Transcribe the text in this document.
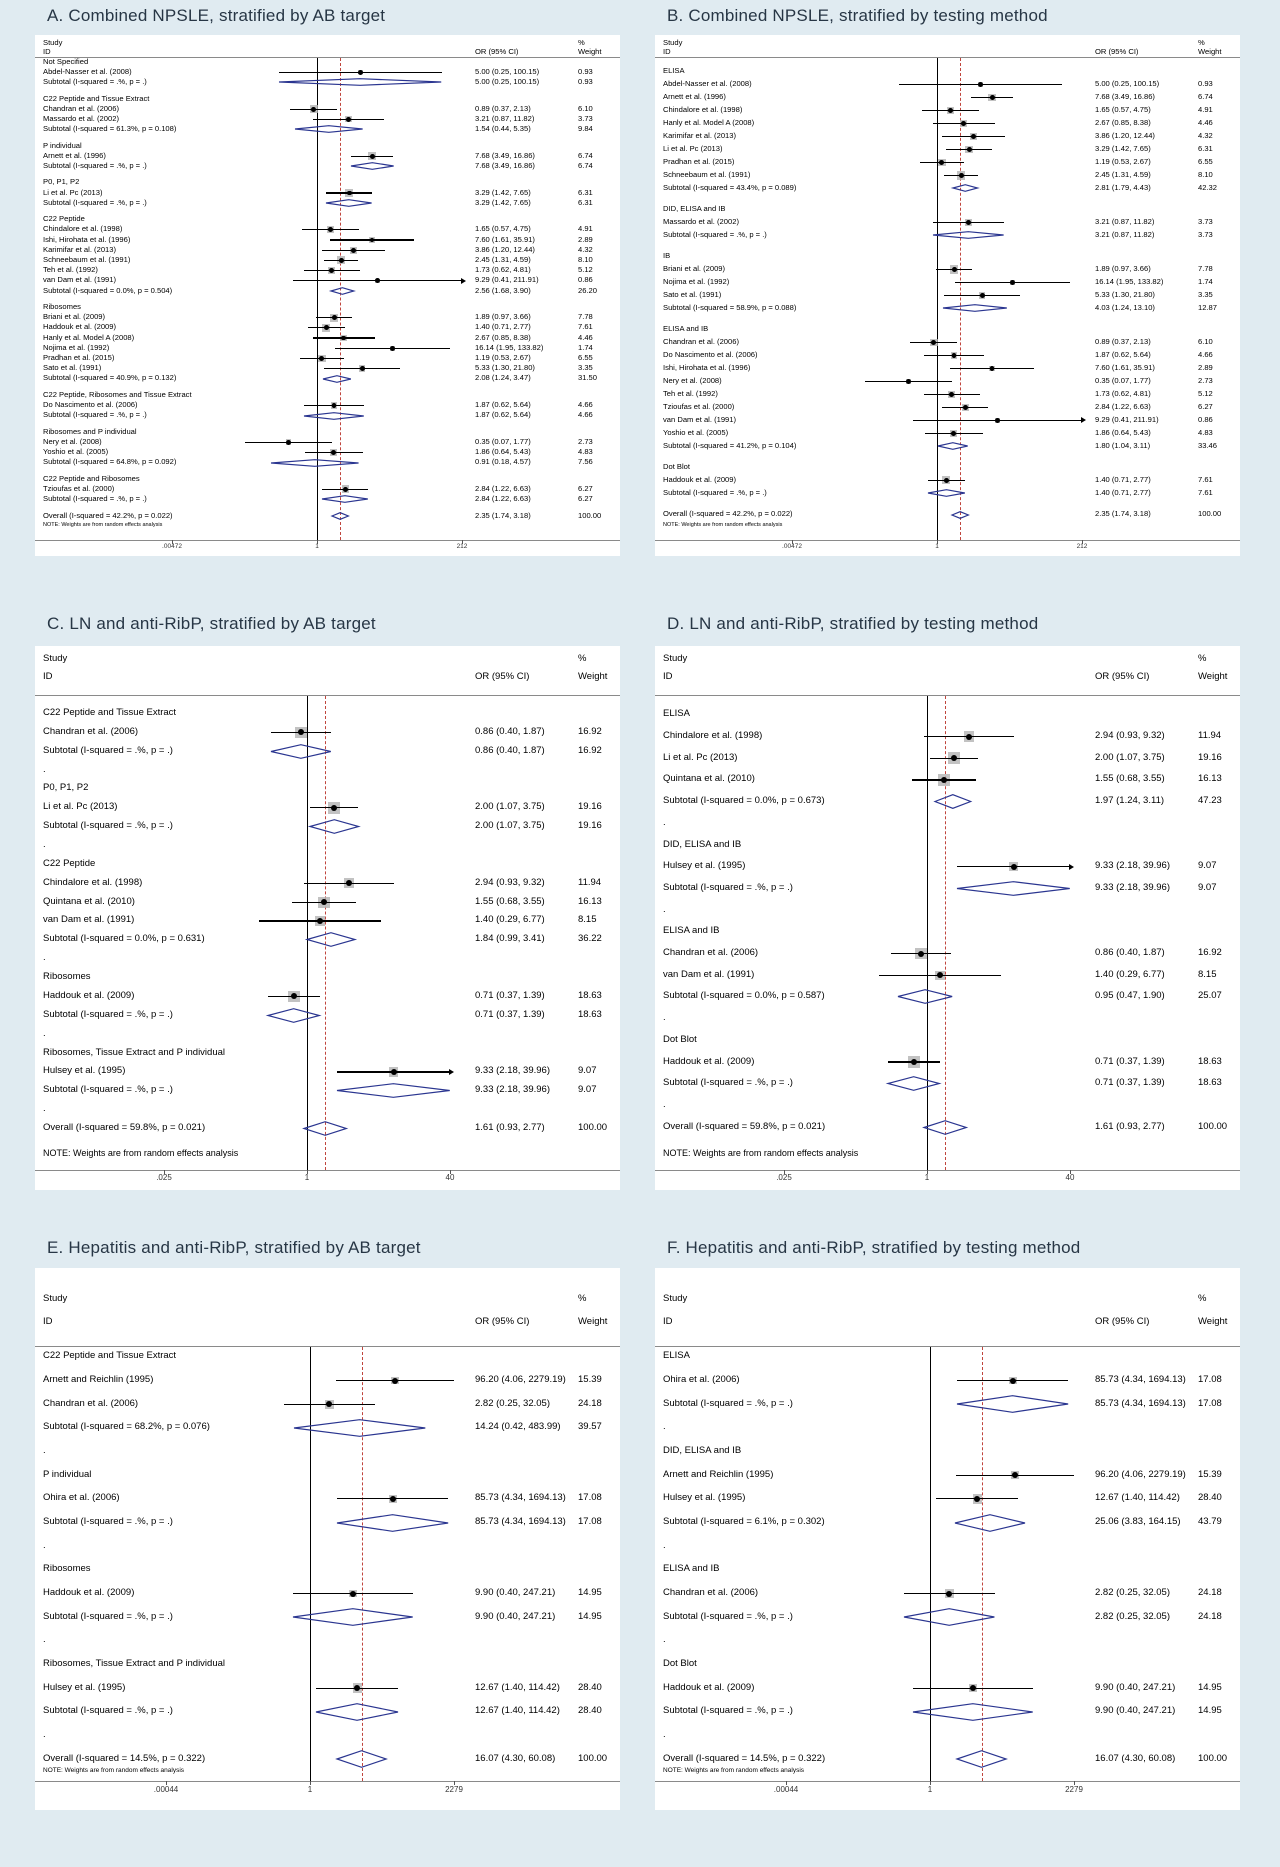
A. Combined NPSLE, stratified by AB target
Study
ID	OR (95% CI)
%
Weight
Not Specified
Abdel-Nasser et al. (2008)	5.00 (0.25, 100.15)	0.93
Subtotal (I-squared = .%, p = .)	5.00 (0.25, 100.15)	0.93
C22 Peptide and Tissue Extract
Chandran et al. (2006)	0.89 (0.37, 2.13)	6.10
Massardo et al. (2002)	3.21 (0.87, 11.82)	3.73
Subtotal (I-squared = 61.3%, p = 0.108)	1.54 (0.44, 5.35)	9.84
P individual
Arnett et al. (1996)	7.68 (3.49, 16.86)	6.74
Subtotal (I-squared = .%, p = .)	7.68 (3.49, 16.86)	6.74
P0, P1, P2
Li et al. Pc (2013)	3.29 (1.42, 7.65)	6.31
Subtotal (I-squared = .%, p = .)	3.29 (1.42, 7.65)	6.31
C22 Peptide
Chindalore et al. (1998)	1.65 (0.57, 4.75)	4.91
Ishi, Hirohata et al. (1996)	7.60 (1.61, 35.91)	2.89
Karimifar et al. (2013)	3.86 (1.20, 12.44)	4.32
Schneebaum et al. (1991)	2.45 (1.31, 4.59)	8.10
Teh et al. (1992)	1.73 (0.62, 4.81)	5.12
van Dam et al. (1991)	9.29 (0.41, 211.91)	0.86
Subtotal (I-squared = 0.0%, p = 0.504)	2.56 (1.68, 3.90)	26.20
Ribosomes
Briani et al. (2009)	1.89 (0.97, 3.66)	7.78
Haddouk et al. (2009)	1.40 (0.71, 2.77)	7.61
Hanly et al. Model A (2008)	2.67 (0.85, 8.38)	4.46
Nojima et al. (1992)	16.14 (1.95, 133.82)	1.74
Pradhan et al. (2015)	1.19 (0.53, 2.67)	6.55
Sato et al. (1991)	5.33 (1.30, 21.80)	3.35
Subtotal (I-squared = 40.9%, p = 0.132)	2.08 (1.24, 3.47)	31.50
C22 Peptide, Ribosomes and Tissue Extract
Do Nascimento et al. (2006)	1.87 (0.62, 5.64)	4.66
Subtotal (I-squared = .%, p = .)	1.87 (0.62, 5.64)	4.66
Ribosomes and P individual
Nery et al. (2008)	0.35 (0.07, 1.77)	2.73
Yoshio et al. (2005)	1.86 (0.64, 5.43)	4.83
Subtotal (I-squared = 64.8%, p = 0.092)	0.91 (0.18, 4.57)	7.56
C22 Peptide and Ribosomes
Tzioufas et al. (2000)	2.84 (1.22, 6.63)	6.27
Subtotal (I-squared = .%, p = .)	2.84 (1.22, 6.63)	6.27
Overall (I-squared = 42.2%, p = 0.022)	2.35 (1.74, 3.18)	100.00
NOTE: Weights are from random effects analysis
.00472	1	212
B. Combined NPSLE, stratified by testing method
Study
ID	OR (95% CI)
%
Weight
ELISA
Abdel-Nasser et al. (2008)	5.00 (0.25, 100.15)	0.93
Arnett et al. (1996)	7.68 (3.49, 16.86)	6.74
Chindalore et al. (1998)	1.65 (0.57, 4.75)	4.91
Hanly et al. Model A (2008)	2.67 (0.85, 8.38)	4.46
Karimifar et al. (2013)	3.86 (1.20, 12.44)	4.32
Li et al. Pc (2013)	3.29 (1.42, 7.65)	6.31
Pradhan et al. (2015)	1.19 (0.53, 2.67)	6.55
Schneebaum et al. (1991)	2.45 (1.31, 4.59)	8.10
Subtotal (I-squared = 43.4%, p = 0.089)	2.81 (1.79, 4.43)	42.32
DID, ELISA and IB
Massardo et al. (2002)	3.21 (0.87, 11.82)	3.73
Subtotal (I-squared = .%, p = .)	3.21 (0.87, 11.82)	3.73
IB
Briani et al. (2009)	1.89 (0.97, 3.66)	7.78
Nojima et al. (1992)	16.14 (1.95, 133.82)	1.74
Sato et al. (1991)	5.33 (1.30, 21.80)	3.35
Subtotal (I-squared = 58.9%, p = 0.088)	4.03 (1.24, 13.10)	12.87
ELISA and IB
Chandran et al. (2006)	0.89 (0.37, 2.13)	6.10
Do Nascimento et al. (2006)	1.87 (0.62, 5.64)	4.66
Ishi, Hirohata et al. (1996)	7.60 (1.61, 35.91)	2.89
Nery et al. (2008)	0.35 (0.07, 1.77)	2.73
Teh et al. (1992)	1.73 (0.62, 4.81)	5.12
Tzioufas et al. (2000)	2.84 (1.22, 6.63)	6.27
van Dam et al. (1991)	9.29 (0.41, 211.91)	0.86
Yoshio et al. (2005)	1.86 (0.64, 5.43)	4.83
Subtotal (I-squared = 41.2%, p = 0.104)	1.80 (1.04, 3.11)	33.46
Dot Blot
Haddouk et al. (2009)	1.40 (0.71, 2.77)	7.61
Subtotal (I-squared = .%, p = .)	1.40 (0.71, 2.77)	7.61
Overall (I-squared = 42.2%, p = 0.022)	2.35 (1.74, 3.18)	100.00
NOTE: Weights are from random effects analysis
.00472	1	212
C. LN and anti-RibP, stratified by AB target
Study
ID	OR (95% CI)
%
Weight
C22 Peptide and Tissue Extract
Chandran et al. (2006)	0.86 (0.40, 1.87)	16.92
Subtotal (I-squared = .%, p = .)	0.86 (0.40, 1.87)	16.92
.
P0, P1, P2
Li et al. Pc (2013)	2.00 (1.07, 3.75)	19.16
Subtotal (I-squared = .%, p = .)	2.00 (1.07, 3.75)	19.16
.
C22 Peptide
Chindalore et al. (1998)	2.94 (0.93, 9.32)	11.94
Quintana et al. (2010)	1.55 (0.68, 3.55)	16.13
van Dam et al. (1991)	1.40 (0.29, 6.77)	8.15
Subtotal (I-squared = 0.0%, p = 0.631)	1.84 (0.99, 3.41)	36.22
.
Ribosomes
Haddouk et al. (2009)	0.71 (0.37, 1.39)	18.63
Subtotal (I-squared = .%, p = .)	0.71 (0.37, 1.39)	18.63
.
Ribosomes, Tissue Extract and P individual
Hulsey et al. (1995)	9.33 (2.18, 39.96)	9.07
Subtotal (I-squared = .%, p = .)	9.33 (2.18, 39.96)	9.07
.
Overall (I-squared = 59.8%, p = 0.021)	1.61 (0.93, 2.77)	100.00
NOTE: Weights are from random effects analysis
.025	1	40
D. LN and anti-RibP, stratified by testing method
Study
ID	OR (95% CI)
%
Weight
ELISA
Chindalore et al. (1998)	2.94 (0.93, 9.32)	11.94
Li et al. Pc (2013)	2.00 (1.07, 3.75)	19.16
Quintana et al. (2010)	1.55 (0.68, 3.55)	16.13
Subtotal (I-squared = 0.0%, p = 0.673)	1.97 (1.24, 3.11)	47.23
.
DID, ELISA and IB
Hulsey et al. (1995)	9.33 (2.18, 39.96)	9.07
Subtotal (I-squared = .%, p = .)	9.33 (2.18, 39.96)	9.07
.
ELISA and IB
Chandran et al. (2006)	0.86 (0.40, 1.87)	16.92
van Dam et al. (1991)	1.40 (0.29, 6.77)	8.15
Subtotal (I-squared = 0.0%, p = 0.587)	0.95 (0.47, 1.90)	25.07
.
Dot Blot
Haddouk et al. (2009)	0.71 (0.37, 1.39)	18.63
Subtotal (I-squared = .%, p = .)	0.71 (0.37, 1.39)	18.63
.
Overall (I-squared = 59.8%, p = 0.021)	1.61 (0.93, 2.77)	100.00
NOTE: Weights are from random effects analysis
.025	1	40
E. Hepatitis and anti-RibP, stratified by AB target
Study
ID	OR (95% CI)
%
Weight
C22 Peptide and Tissue Extract
Arnett and Reichlin (1995)	96.20 (4.06, 2279.19) 15.39
Chandran et al. (2006)	2.82 (0.25, 32.05)	24.18
Subtotal (I-squared = 68.2%, p = 0.076)	14.24 (0.42, 483.99) 39.57
.
P individual
Ohira et al. (2006)	85.73 (4.34, 1694.13) 17.08
Subtotal (I-squared = .%, p = .)	85.73 (4.34, 1694.13) 17.08
.
Ribosomes
Haddouk et al. (2009)	9.90 (0.40, 247.21) 14.95
Subtotal (I-squared = .%, p = .)	9.90 (0.40, 247.21) 14.95
.
Ribosomes, Tissue Extract and P individual
Hulsey et al. (1995)	12.67 (1.40, 114.42) 28.40
Subtotal (I-squared = .%, p = .)	12.67 (1.40, 114.42) 28.40
.
Overall (I-squared = 14.5%, p = 0.322)	16.07 (4.30, 60.08) 100.00
NOTE: Weights are from random effects analysis
.00044	1	2279
F. Hepatitis and anti-RibP, stratified by testing method
Study
ID	OR (95% CI)
%
Weight
ELISA
Ohira et al. (2006)	85.73 (4.34, 1694.13) 17.08
Subtotal (I-squared = .%, p = .)	85.73 (4.34, 1694.13) 17.08
.
DID, ELISA and IB
Arnett and Reichlin (1995)	96.20 (4.06, 2279.19) 15.39
Hulsey et al. (1995)	12.67 (1.40, 114.42) 28.40
Subtotal (I-squared = 6.1%, p = 0.302)	25.06 (3.83, 164.15) 43.79
.
ELISA and IB
Chandran et al. (2006)	2.82 (0.25, 32.05)	24.18
Subtotal (I-squared = .%, p = .)	2.82 (0.25, 32.05)	24.18
.
Dot Blot
Haddouk et al. (2009)	9.90 (0.40, 247.21) 14.95
Subtotal (I-squared = .%, p = .)	9.90 (0.40, 247.21) 14.95
.
Overall (I-squared = 14.5%, p = 0.322)	16.07 (4.30, 60.08) 100.00
NOTE: Weights are from random effects analysis
.00044	1	2279
